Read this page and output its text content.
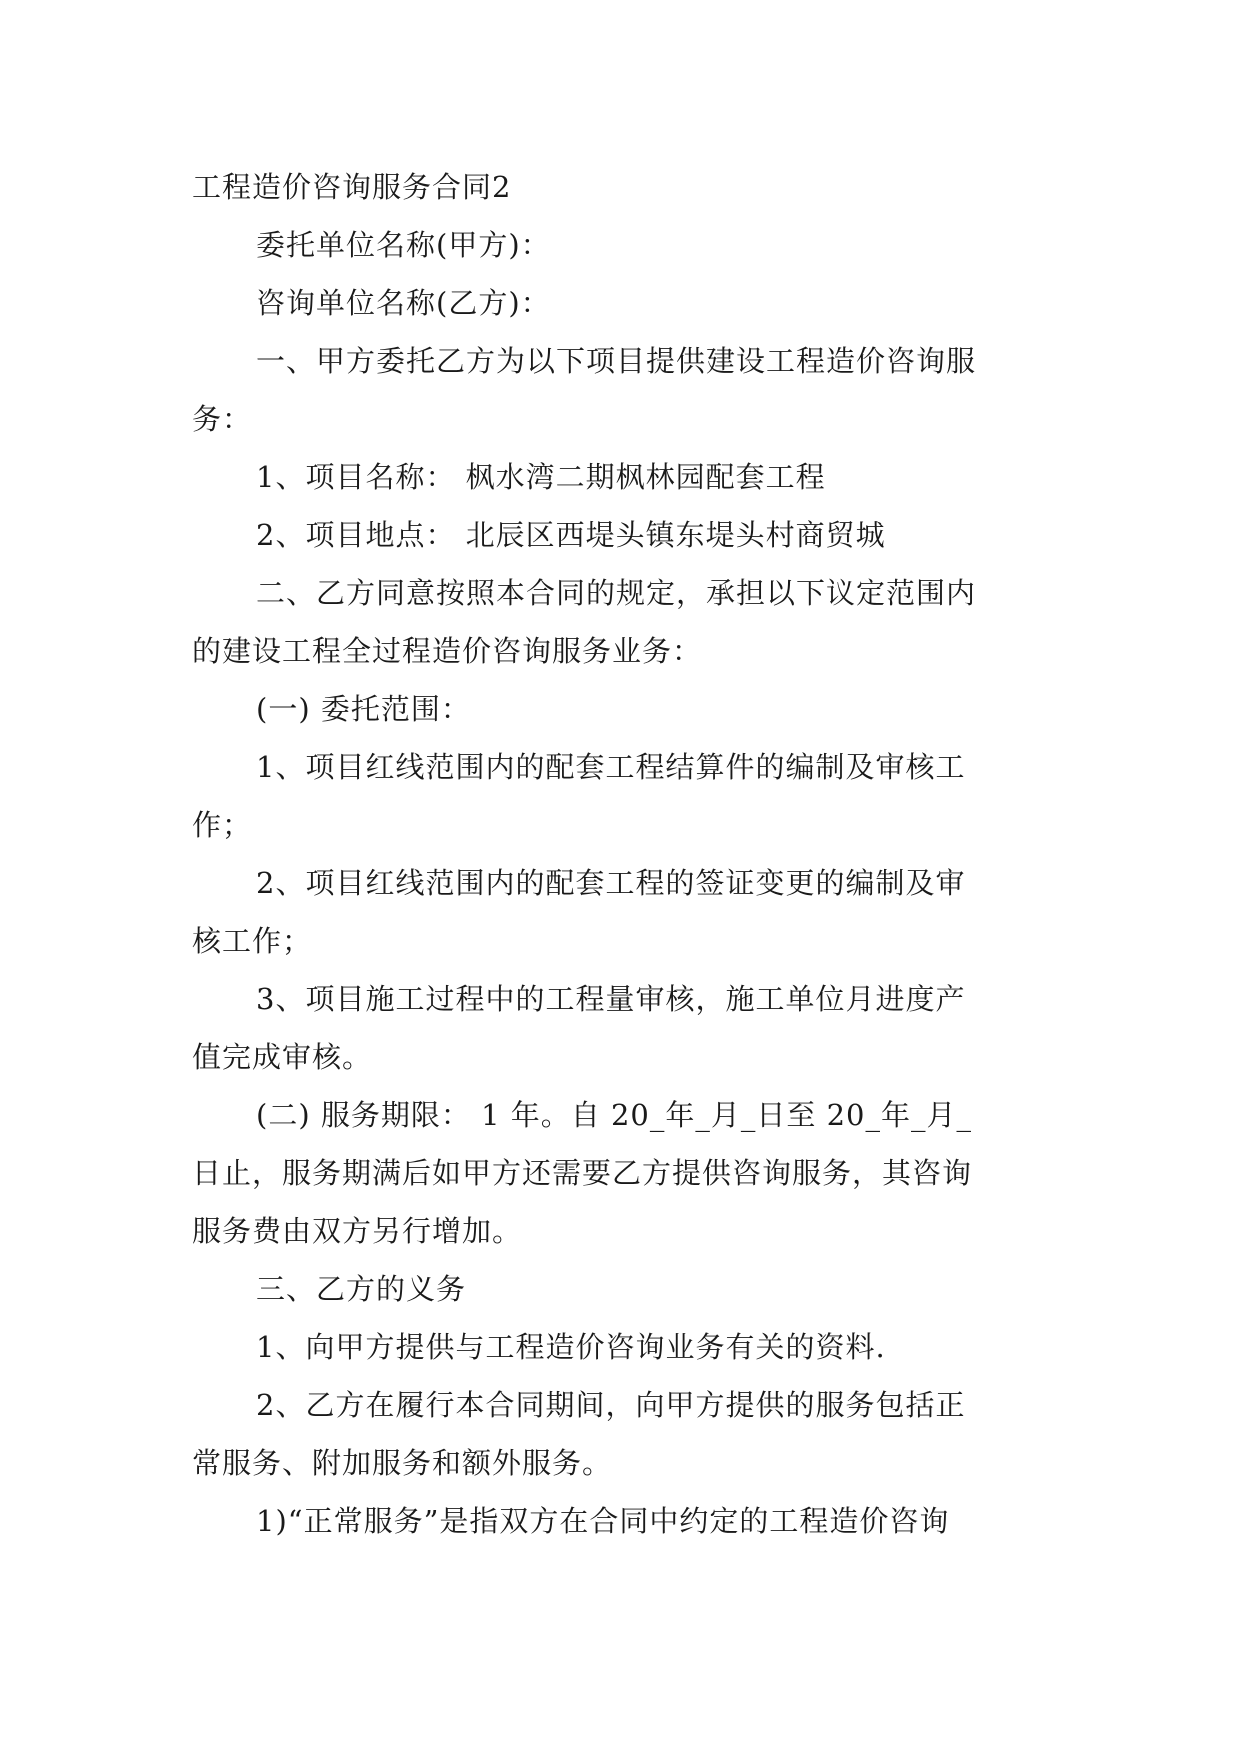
工程造价咨询服务合同2
委托单位名称(甲方)：
咨询单位名称(乙方)：
一、甲方委托乙方为以下项目提供建设工程造价咨询服
务：
1、项目名称： 枫水湾二期枫林园配套工程
2、项目地点： 北辰区西堤头镇东堤头村商贸城
二、乙方同意按照本合同的规定，承担以下议定范围内
的建设工程全过程造价咨询服务业务：
(一) 委托范围：
1、项目红线范围内的配套工程结算件的编制及审核工
作；
2、项目红线范围内的配套工程的签证变更的编制及审
核工作；
3、项目施工过程中的工程量审核，施工单位月进度产
值完成审核。
(二) 服务期限： 1 年。自 20_年_月_日至 20_年_月_
日止，服务期满后如甲方还需要乙方提供咨询服务，其咨询
服务费由双方另行增加。
三、乙方的义务
1、向甲方提供与工程造价咨询业务有关的资料.
2、乙方在履行本合同期间，向甲方提供的服务包括正
常服务、附加服务和额外服务。
1)“正常服务”是指双方在合同中约定的工程造价咨询
